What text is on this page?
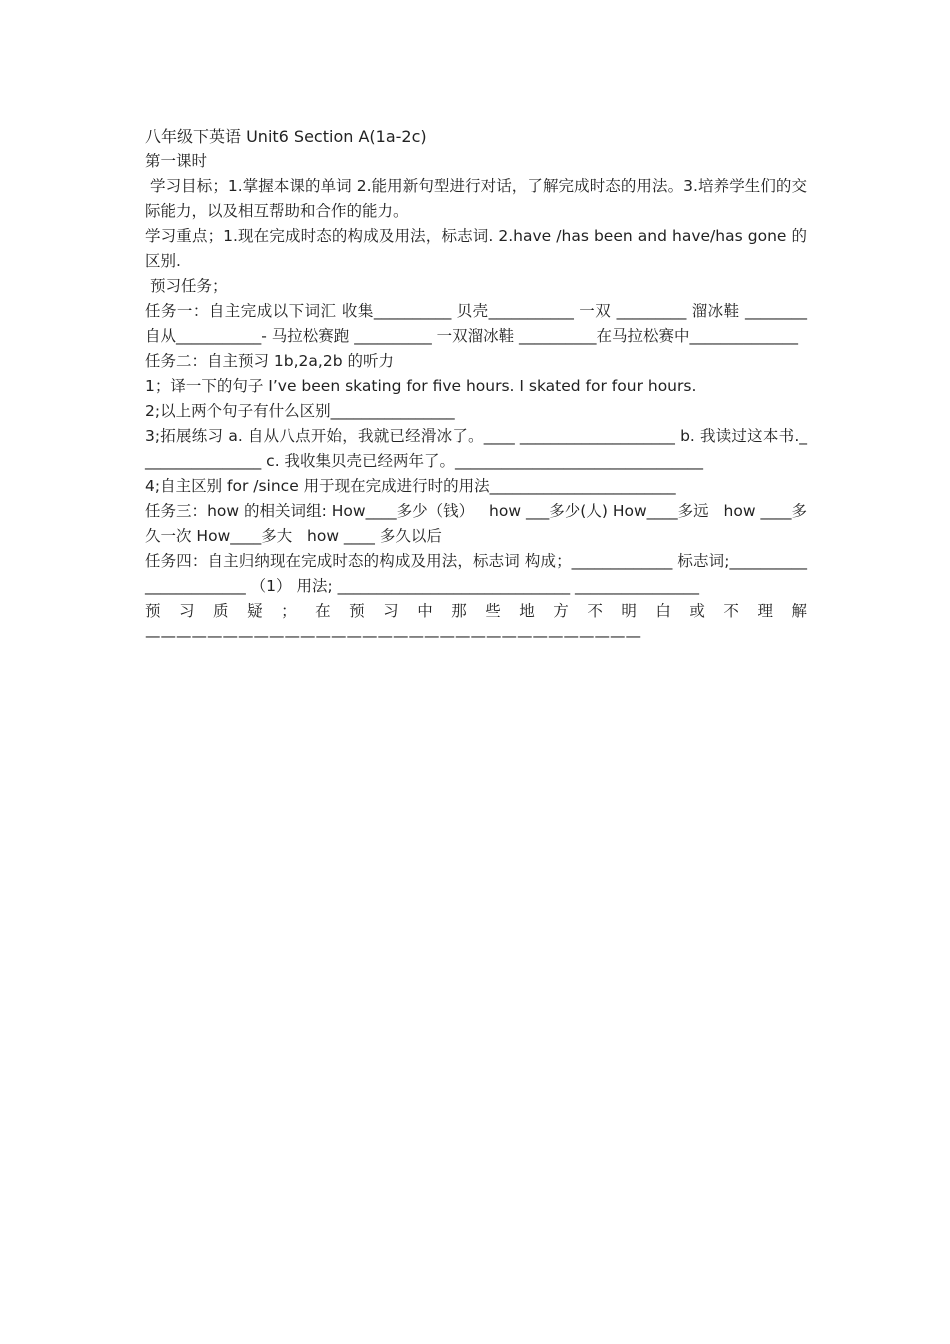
八年级下英语 Unit6 Section A(1a-2c)

第一课时

学习目标；1.掌握本课的单词 2.能用新句型进行对话，了解完成时态的用法。3.培养学生们的交际能力，以及相互帮助和合作的能力。

学习重点；1.现在完成时态的构成及用法，标志词. 2.have /has been and have/has gone 的区别.

预习任务；

任务一：自主完成以下词汇 收集__________ 贝壳___________ 一双 _________ 溜冰鞋 ________ 自从___________- 马拉松赛跑 __________ 一双溜冰鞋 __________在马拉松赛中______________

任务二：自主预习 1b,2a,2b 的听力

1；译一下的句子 I’ve been skating for five hours. I skated for four hours.

2;以上两个句子有什么区别________________

3;拓展练习 a. 自从八点开始，我就已经滑冰了。____ ____________________ b. 我读过这本书.________________ c. 我收集贝壳已经两年了。________________________________

4;自主区别 for /since 用于现在完成进行时的用法________________________

任务三：how 的相关词组: How____多少（钱）   how ___多少(人) How____多远   how ____多久一次 How____多大   how ____ 多久以后

任务四：自主归纳现在完成时态的构成及用法，标志词 构成；_____________ 标志词;_______________________ （1） 用法; ______________________________ ________________

预习质疑；在预习中那些地方不明白或不理解 ————————————————————————————————
